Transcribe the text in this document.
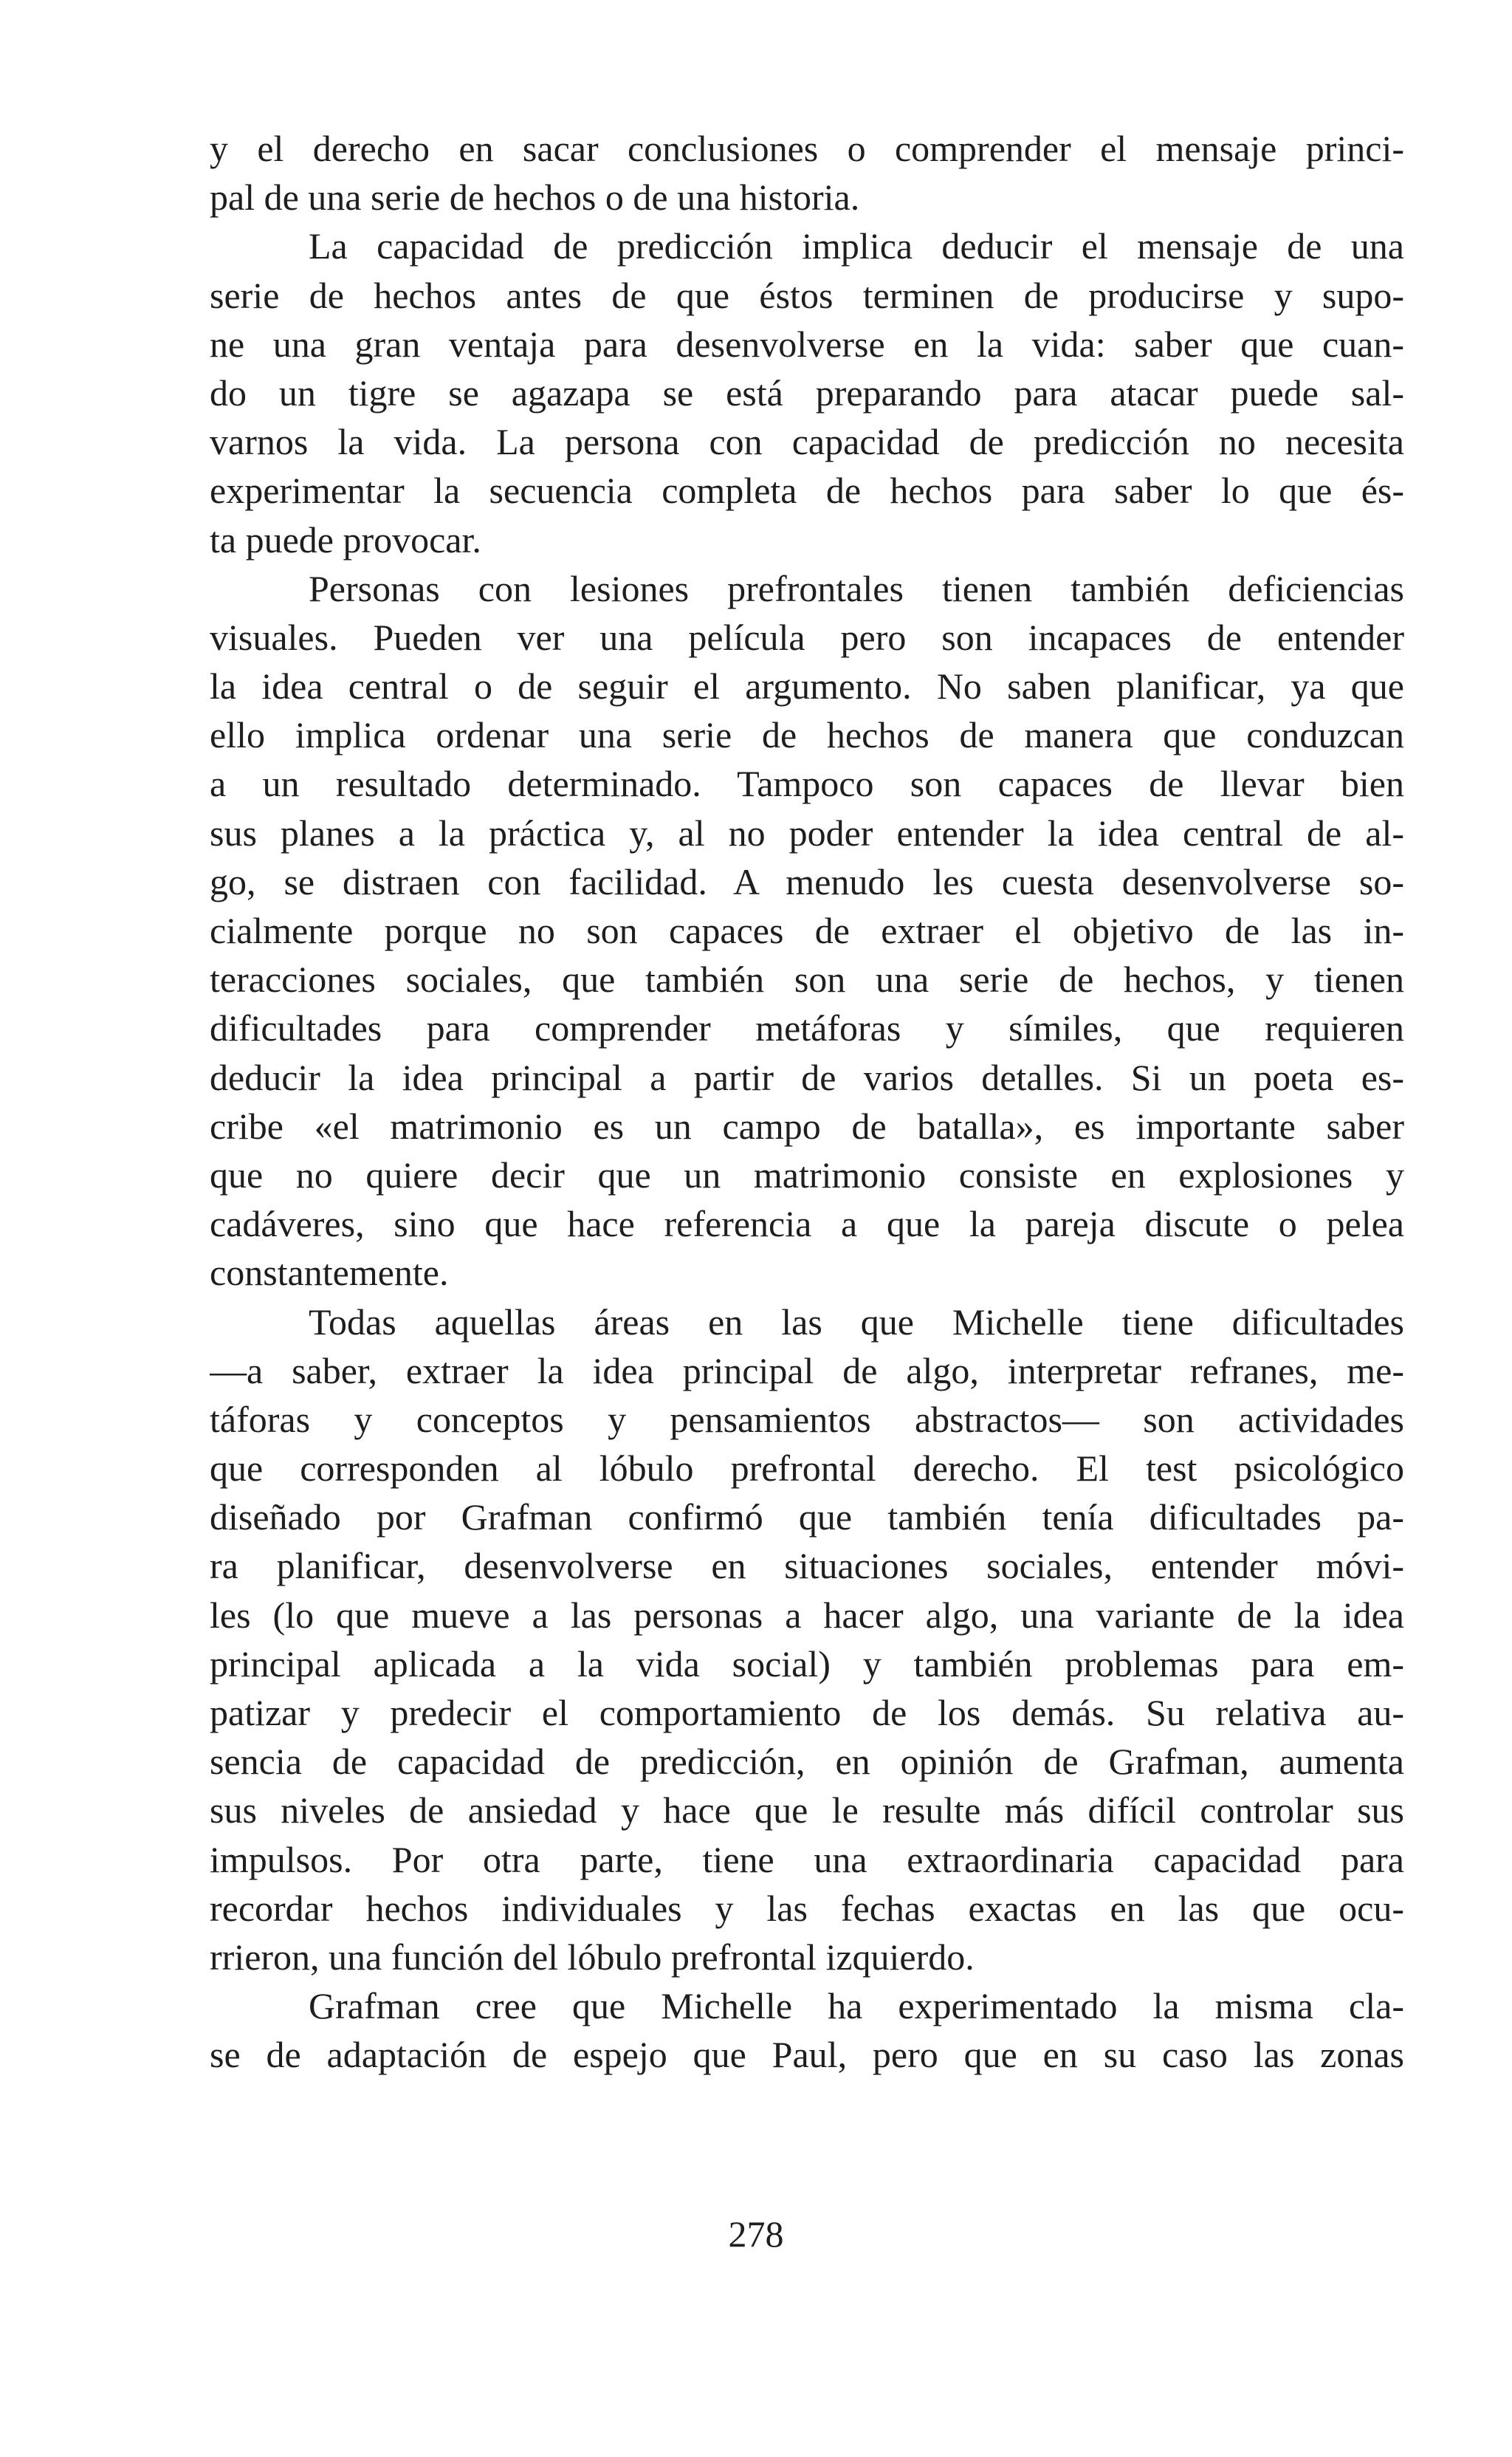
y el derecho en sacar conclusiones o comprender el mensaje princi-
pal de una serie de hechos o de una historia.
La capacidad de predicción implica deducir el mensaje de una
serie de hechos antes de que éstos terminen de producirse y supo-
ne una gran ventaja para desenvolverse en la vida: saber que cuan-
do un tigre se agazapa se está preparando para atacar puede sal-
varnos la vida. La persona con capacidad de predicción no necesita
experimentar la secuencia completa de hechos para saber lo que és-
ta puede provocar.
Personas con lesiones prefrontales tienen también deficiencias
visuales. Pueden ver una película pero son incapaces de entender
la idea central o de seguir el argumento. No saben planificar, ya que
ello implica ordenar una serie de hechos de manera que conduzcan
a un resultado determinado. Tampoco son capaces de llevar bien
sus planes a la práctica y, al no poder entender la idea central de al-
go, se distraen con facilidad. A menudo les cuesta desenvolverse so-
cialmente porque no son capaces de extraer el objetivo de las in-
teracciones sociales, que también son una serie de hechos, y tienen
dificultades para comprender metáforas y símiles, que requieren
deducir la idea principal a partir de varios detalles. Si un poeta es-
cribe «el matrimonio es un campo de batalla», es importante saber
que no quiere decir que un matrimonio consiste en explosiones y
cadáveres, sino que hace referencia a que la pareja discute o pelea
constantemente.
Todas aquellas áreas en las que Michelle tiene dificultades
—a saber, extraer la idea principal de algo, interpretar refranes, me-
táforas y conceptos y pensamientos abstractos— son actividades
que corresponden al lóbulo prefrontal derecho. El test psicológico
diseñado por Grafman confirmó que también tenía dificultades pa-
ra planificar, desenvolverse en situaciones sociales, entender móvi-
les (lo que mueve a las personas a hacer algo, una variante de la idea
principal aplicada a la vida social) y también problemas para em-
patizar y predecir el comportamiento de los demás. Su relativa au-
sencia de capacidad de predicción, en opinión de Grafman, aumenta
sus niveles de ansiedad y hace que le resulte más difícil controlar sus
impulsos. Por otra parte, tiene una extraordinaria capacidad para
recordar hechos individuales y las fechas exactas en las que ocu-
rrieron, una función del lóbulo prefrontal izquierdo.
Grafman cree que Michelle ha experimentado la misma cla-
se de adaptación de espejo que Paul, pero que en su caso las zonas
278
